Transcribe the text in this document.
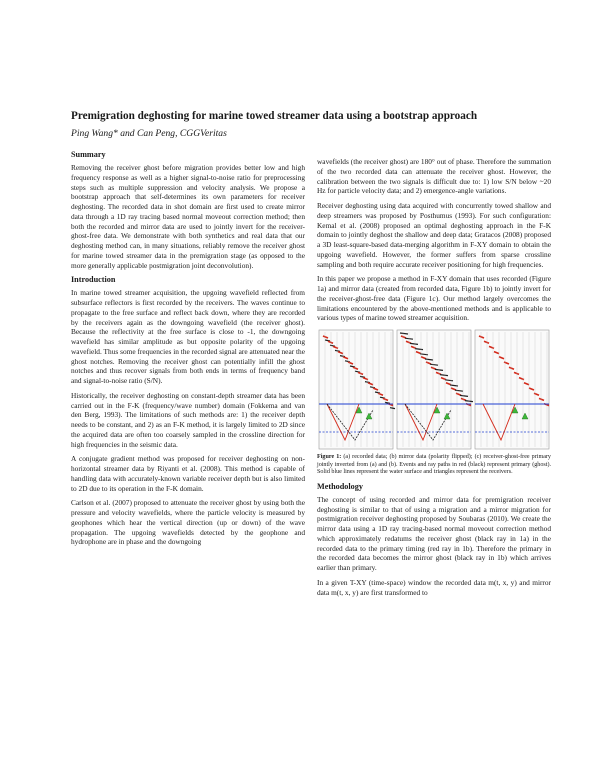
Premigration deghosting for marine towed streamer data using a bootstrap approach
Ping Wang* and Can Peng, CGGVeritas
Summary

Removing the receiver ghost before migration provides better low and high frequency response as well as a higher signal-to-noise ratio for preprocessing steps such as multiple suppression and velocity analysis. We propose a bootstrap approach that self-determines its own parameters for receiver deghosting. The recorded data in shot domain are first used to create mirror data through a 1D ray tracing based normal moveout correction method; then both the recorded and mirror data are used to jointly invert for the receiver-ghost-free data. We demonstrate with both synthetics and real data that our deghosting method can, in many situations, reliably remove the receiver ghost for marine towed streamer data in the premigration stage (as opposed to the more generally applicable postmigration joint deconvolution).

Introduction

In marine towed streamer acquisition, the upgoing wavefield reflected from subsurface reflectors is first recorded by the receivers. The waves continue to propagate to the free surface and reflect back down, where they are recorded by the receivers again as the downgoing wavefield (the receiver ghost). Because the reflectivity at the free surface is close to -1, the downgoing wavefield has similar amplitude as but opposite polarity of the upgoing wavefield. Thus some frequencies in the recorded signal are attenuated near the ghost notches. Removing the receiver ghost can potentially infill the ghost notches and thus recover signals from both ends in terms of frequency band and signal-to-noise ratio (S/N).

Historically, the receiver deghosting on constant-depth streamer data has been carried out in the F-K (frequency/wave number) domain (Fokkema and van den Berg, 1993). The limitations of such methods are: 1) the receiver depth needs to be constant, and 2) as an F-K method, it is largely limited to 2D since the acquired data are often too coarsely sampled in the crossline direction for high frequencies in the seismic data.

A conjugate gradient method was proposed for receiver deghosting on non-horizontal streamer data by Riyanti et al. (2008). This method is capable of handling data with accurately-known variable receiver depth but is also limited to 2D due to its operation in the F-K domain.

Carlson et al. (2007) proposed to attenuate the receiver ghost by using both the pressure and velocity wavefields, where the particle velocity is measured by geophones which hear the vertical direction (up or down) of the wave propagation. The upgoing wavefields detected by the geophone and hydrophone are in phase and the downgoing

wavefields (the receiver ghost) are 180° out of phase. Therefore the summation of the two recorded data can attenuate the receiver ghost. However, the calibration between the two signals is difficult due to: 1) low S/N below ~20 Hz for particle velocity data; and 2) emergence-angle variations.

Receiver deghosting using data acquired with concurrently towed shallow and deep streamers was proposed by Posthumus (1993). For such configuration: Kemal et al. (2008) proposed an optimal deghosting approach in the F-K domain to jointly deghost the shallow and deep data; Gratacos (2008) proposed a 3D least-square-based data-merging algorithm in F-XY domain to obtain the upgoing wavefield. However, the former suffers from sparse crossline sampling and both require accurate receiver positioning for high frequencies.

In this paper we propose a method in F-XY domain that uses recorded (Figure 1a) and mirror data (created from recorded data, Figure 1b) to jointly invert for the receiver-ghost-free data (Figure 1c). Our method largely overcomes the limitations encountered by the above-mentioned methods and is applicable to various types of marine towed streamer acquisition.

Figure 1: (a) recorded data; (b) mirror data (polarity flipped); (c) receiver-ghost-free primary jointly inverted from (a) and (b). Events and ray paths in red (black) represent primary (ghost). Solid blue lines represent the water surface and triangles represent the receivers.

Methodology

The concept of using recorded and mirror data for premigration receiver deghosting is similar to that of using a migration and a mirror migration for postmigration receiver deghosting proposed by Soubaras (2010). We create the mirror data using a 1D ray tracing-based normal moveout correction method which approximately redatums the receiver ghost (black ray in 1a) in the recorded data to the primary timing (red ray in 1b). Therefore the primary in the recorded data becomes the mirror ghost (black ray in 1b) which arrives earlier than primary.

In a given T-XY (time-space) window the recorded data m(t, x, y) and mirror data m(t, x, y) are first transformed to
